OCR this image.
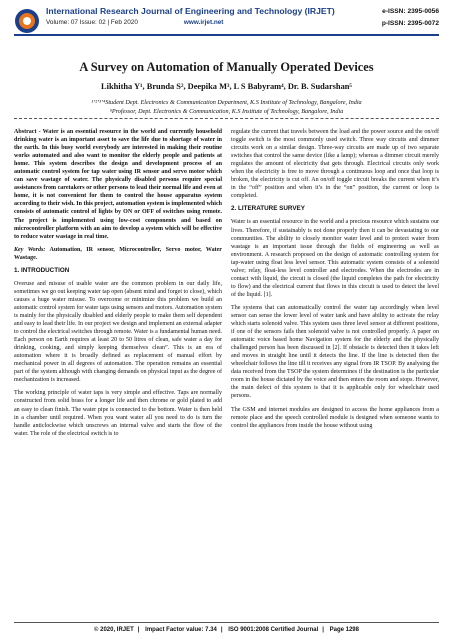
International Research Journal of Engineering and Technology (IRJET)
Volume: 07 Issue: 02 | Feb 2020	www.irjet.net
e-ISSN: 2395-0056
p-ISSN: 2395-0072
A Survey on Automation of Manually Operated Devices
Likhitha Y¹, Brunda S², Deepika M³, L S Babyram⁴, Dr. B. Sudarshan⁵
¹ʼ²ʼ³ʼ⁴Student Dept. Electronics & Communication Department, K.S Institute of Technology, Bangalore, India
⁵Professor, Dept. Electronics & Communication, K.S Institute of Technology, Bangalore, India

Abstract - Water is an essential resource in the world and currently household drinking water is an important asset to save the life due to shortage of water in the earth. In this busy world everybody are interested in making their routine works automated and also want to monitor the elderly people and patients at home. This system describes the design and development process of an automatic control system for tap water using IR sensor and servo motor which can save wastage of water. The physically disabled persons require special assistances from caretakers or other persons to lead their normal life and even at home, it is not convenient for them to control the house apparatus system according to their wish. In this project, automation system is implemented which consists of automatic control of lights by ON or OFF of switches using remote. The project is implemented using low-cost components and based on microcontroller platform with an aim to develop a system which will be effective to reduce water wastage in real time.

Key Words: Automation, IR sensor, Microcontroller, Servo motor, Water Wastage.

1. INTRODUCTION

Overuse and misuse of usable water are the common problem in our daily life, sometimes we go out keeping water tap open (absent mind and forget to close), which causes a huge water misuse. To overcome or minimize this problem we build an automatic control system for water taps using sensors and motors. Automation system is mainly for the physically disabled and elderly people to make them self dependent and easy to lead their life. In our project we design and implement an external adapter to control the electrical switches through remote. Water is a fundamental human need. Each person on Earth requires at least 20 to 50 litres of clean, safe water a day for drinking, cooking, and simply keeping themselves clean”. This is an era of automation where it is broadly defined as replacement of manual effort by mechanical power in all degrees of automation. The operation remains an essential part of the system although with changing demands on physical input as the degree of mechanization is increased.

The working principle of water taps is very simple and effective. Taps are normally constructed from solid brass for a longer life and then chrome or gold plated to add an easy to clean finish. The water pipe is connected to the bottom. Water is then held in a chamber until required. When you want water all you need to do is turn the handle anticlockwise which unscrews an internal valve and starts the flow of the water. The role of the electrical switch is to

regulate the current that travels between the load and the power source and the on/off toggle switch is the most commonly used switch. Three way circuits and dimmer circuits work on a similar design. Three-way circuits are made up of two separate switches that control the same device (like a lamp); whereas a dimmer circuit merely regulates the amount of electricity that gets through. Electrical circuits only work when the electricity is free to move through a continuous loop and once that loop is broken, the electricity is cut off. An on/off toggle circuit breaks the current when it’s in the “off” position and when it’s in the “on” position, the current or loop is completed.

2. LITERATURE SURVEY

Water is an essential resource in the world and a precious resource which sustains our lives. Therefore, if sustainably is not done properly then it can be devastating to our communities. The ability to closely monitor water level and to protect water from wastage is an important issue through the fields of engineering as well as environment. A research proposed on the design of automatic controlling system for tap-water using float less level sensor. This automatic system consists of a solenoid valve; relay, float-less level controller and electrodes. When the electrodes are in contact with liquid, the circuit is closed (the liquid completes the path for electricity to flow) and the electrical current that flows in this circuit is used to detect the level of the liquid. [1].

The systems that can automatically control the water tap accordingly when level sensor can sense the lower level of water tank and have ability to activate the relay which starts solenoid valve. This system uses three level sensor at different positions, if one of the sensors fails then solenoid valve is not controlled properly. A paper on automatic voice based home Navigation system for the elderly and the physically challenged person has been discussed in [2]. If obstacle is detected then it takes left and moves in straight line until it detects the line. If the line is detected then the wheelchair follows the line till it receives any signal from IR TSOP. By analysing the data received from the TSOP the system determines if the destination is the particular room in the house dictated by the voice and then enters the room and stops. However, the main defect of this system is that it is applicable only for wheelchair used persons.

The GSM and internet modules are designed to access the home appliances from a remote place and the speech controlled module is designed when someone wants to control the appliances from inside the house without using

© 2020, IRJET | Impact Factor value: 7.34 | ISO 9001:2008 Certified Journal | Page 1298
